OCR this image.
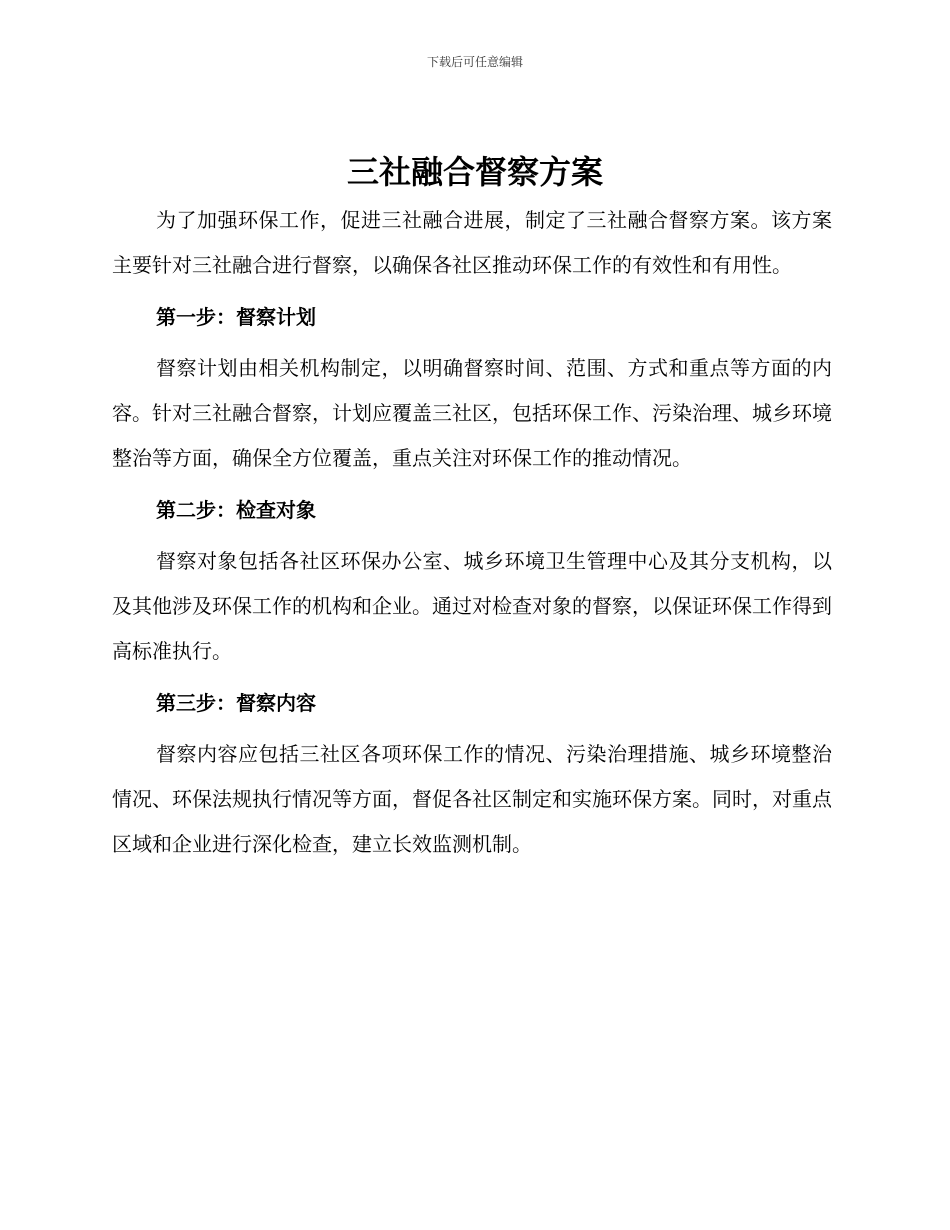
下载后可任意编辑
三社融合督察方案

为了加强环保工作，促进三社融合进展，制定了三社融合督察方案。该方案主要针对三社融合进行督察，以确保各社区推动环保工作的有效性和有用性。

第一步：督察计划

督察计划由相关机构制定，以明确督察时间、范围、方式和重点等方面的内容。针对三社融合督察，计划应覆盖三社区，包括环保工作、污染治理、城乡环境整治等方面，确保全方位覆盖，重点关注对环保工作的推动情况。

第二步：检查对象

督察对象包括各社区环保办公室、城乡环境卫生管理中心及其分支机构，以及其他涉及环保工作的机构和企业。通过对检查对象的督察，以保证环保工作得到高标准执行。

第三步：督察内容

督察内容应包括三社区各项环保工作的情况、污染治理措施、城乡环境整治情况、环保法规执行情况等方面，督促各社区制定和实施环保方案。同时，对重点区域和企业进行深化检查，建立长效监测机制。
